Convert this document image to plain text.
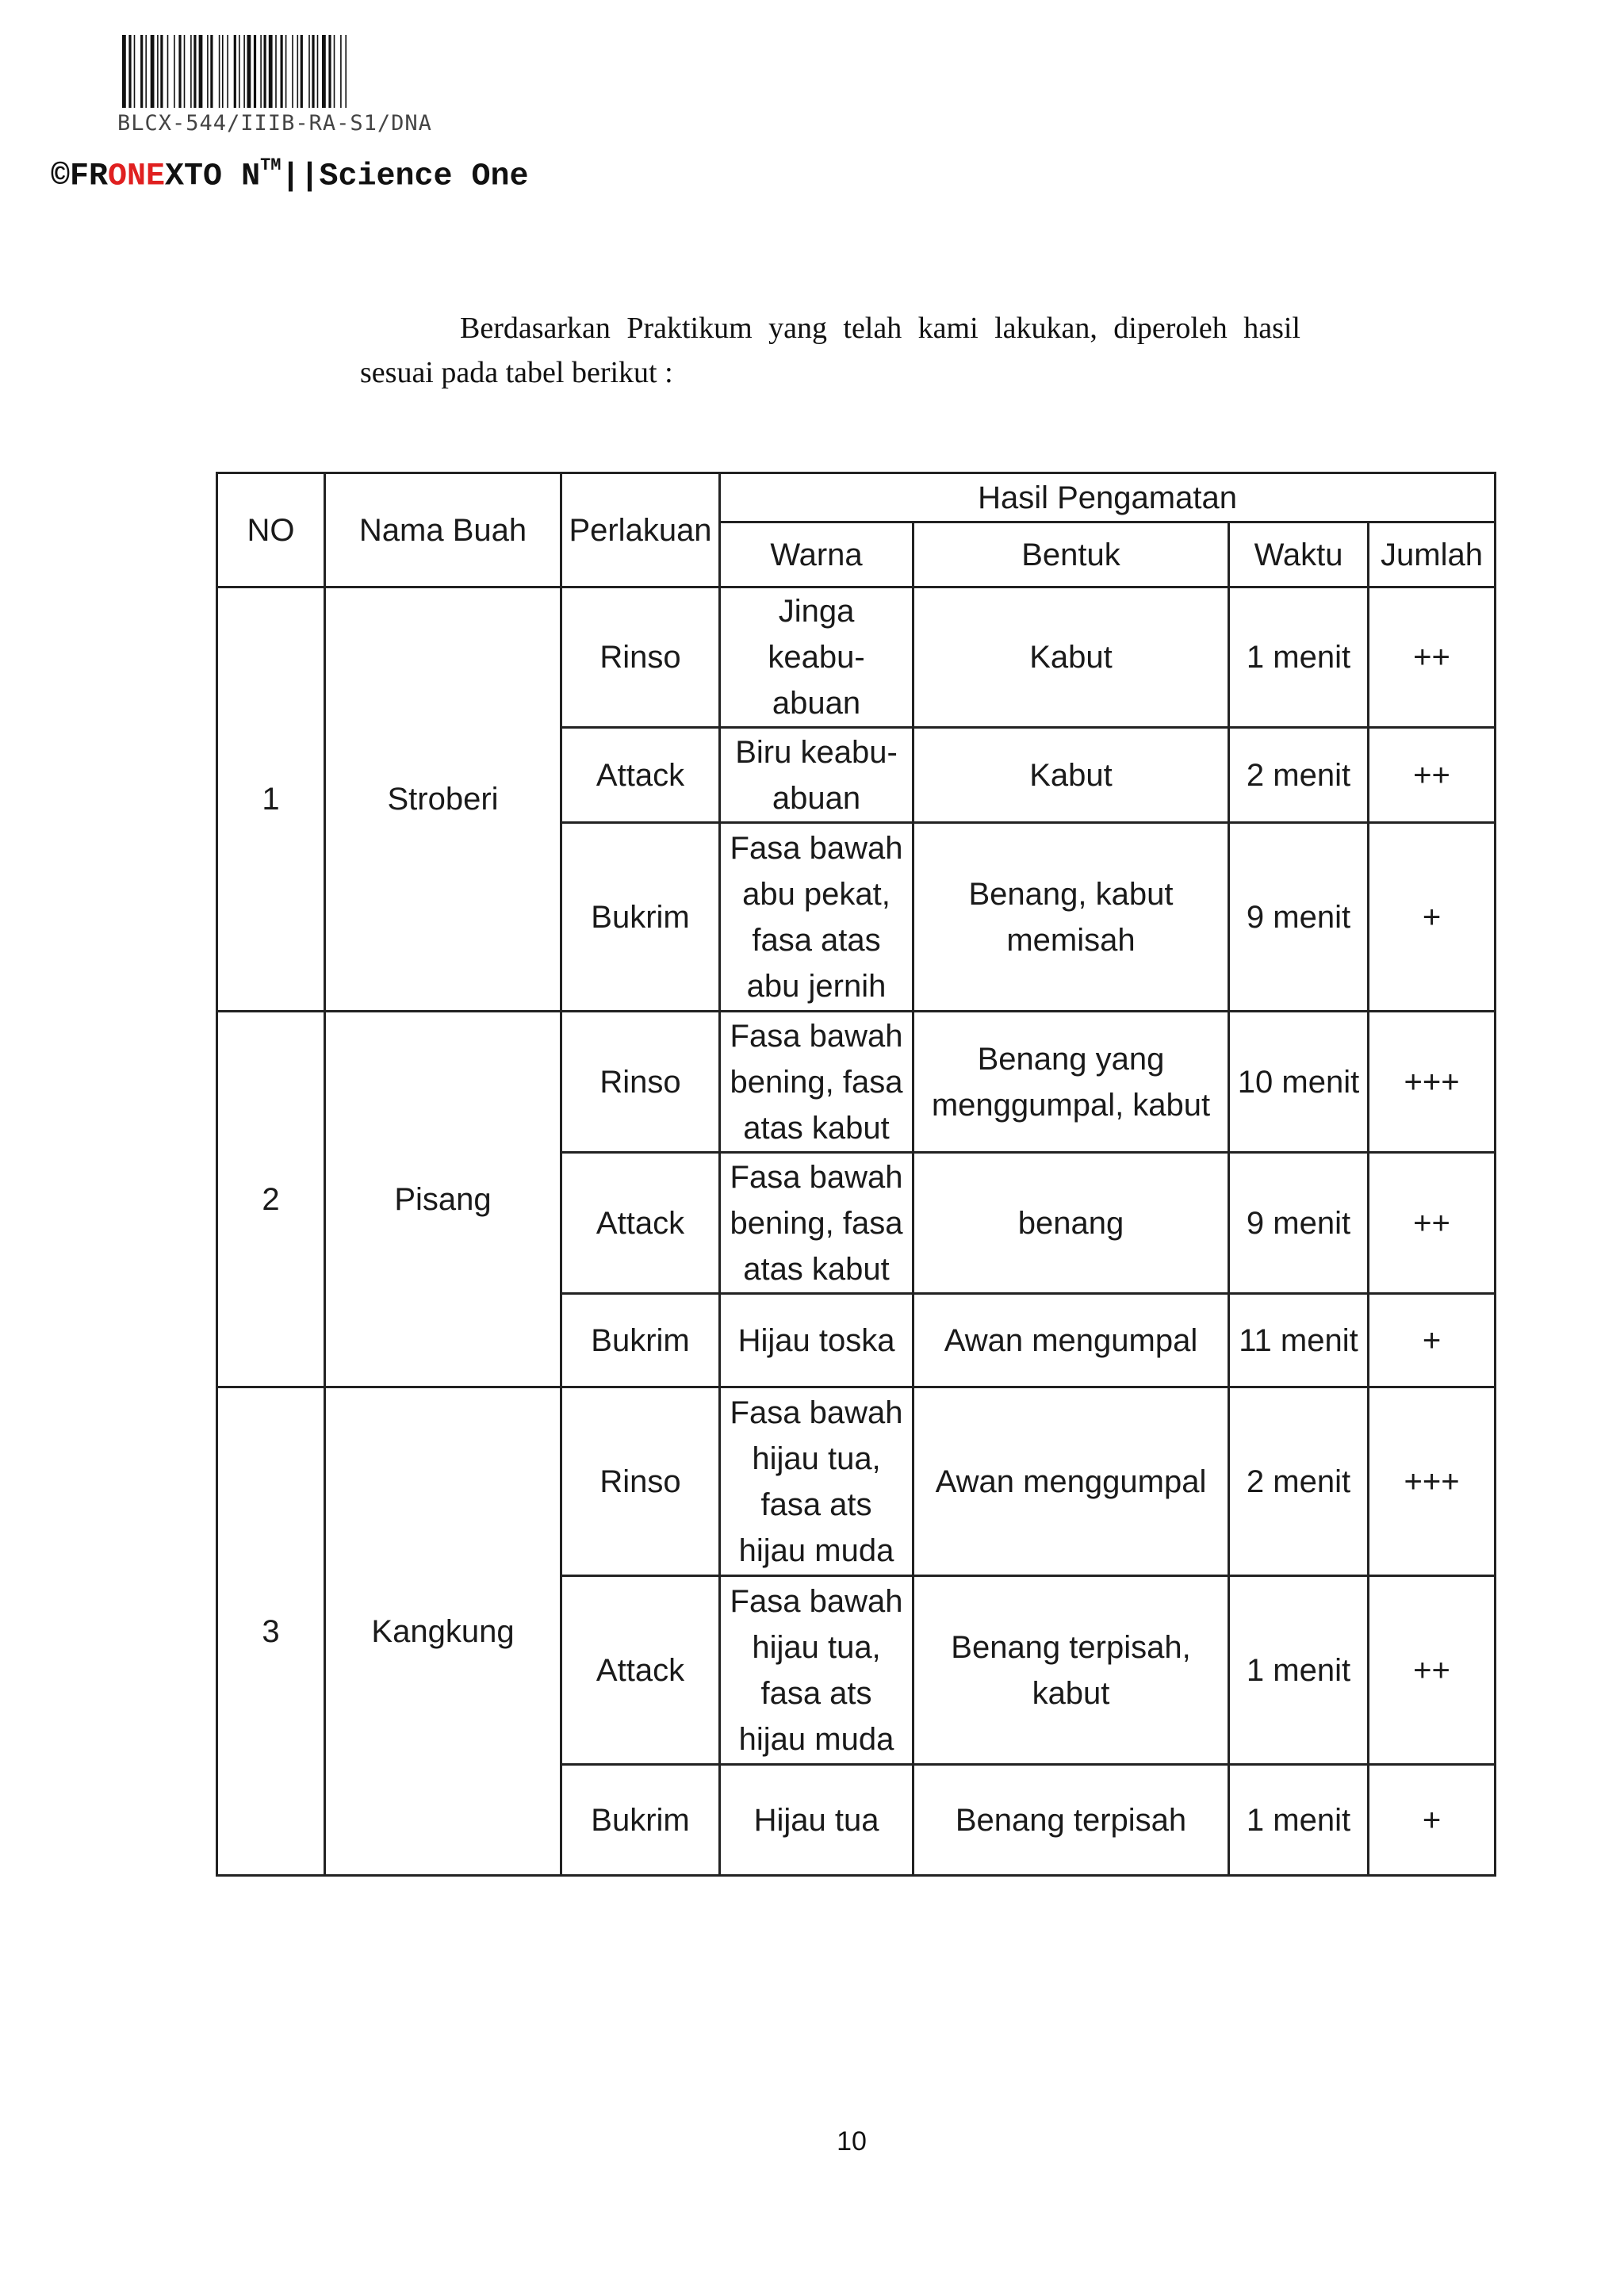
BLCX-544/IIIB-RA-S1/DNA
©FRONEXTO N™||Science One
Berdasarkan Praktikum yang telah kami lakukan, diperoleh hasil
sesuai pada tabel berikut :
NO	Nama Buah	Perlakuan	Hasil Pengamatan			
			Warna	Bentuk	Waktu	Jumlah
1	Stroberi	Rinso	Jinga keabu-abuan	Kabut	1 menit	++
		Attack	Biru keabu-abuan	Kabut	2 menit	++
		Bukrim	Fasa bawah abu pekat, fasa atas abu jernih	Benang, kabut memisah	9 menit	+
2	Pisang	Rinso	Fasa bawah bening, fasa atas kabut	Benang yang menggumpal, kabut	10 menit	+++
		Attack	Fasa bawah bening, fasa atas kabut	benang	9 menit	++
		Bukrim	Hijau toska	Awan mengumpal	11 menit	+
3	Kangkung	Rinso	Fasa bawah hijau tua, fasa ats hijau muda	Awan menggumpal	2 menit	+++
		Attack	Fasa bawah hijau tua, fasa ats hijau muda	Benang terpisah, kabut	1 menit	++
		Bukrim	Hijau tua	Benang terpisah	1 menit	+
10
